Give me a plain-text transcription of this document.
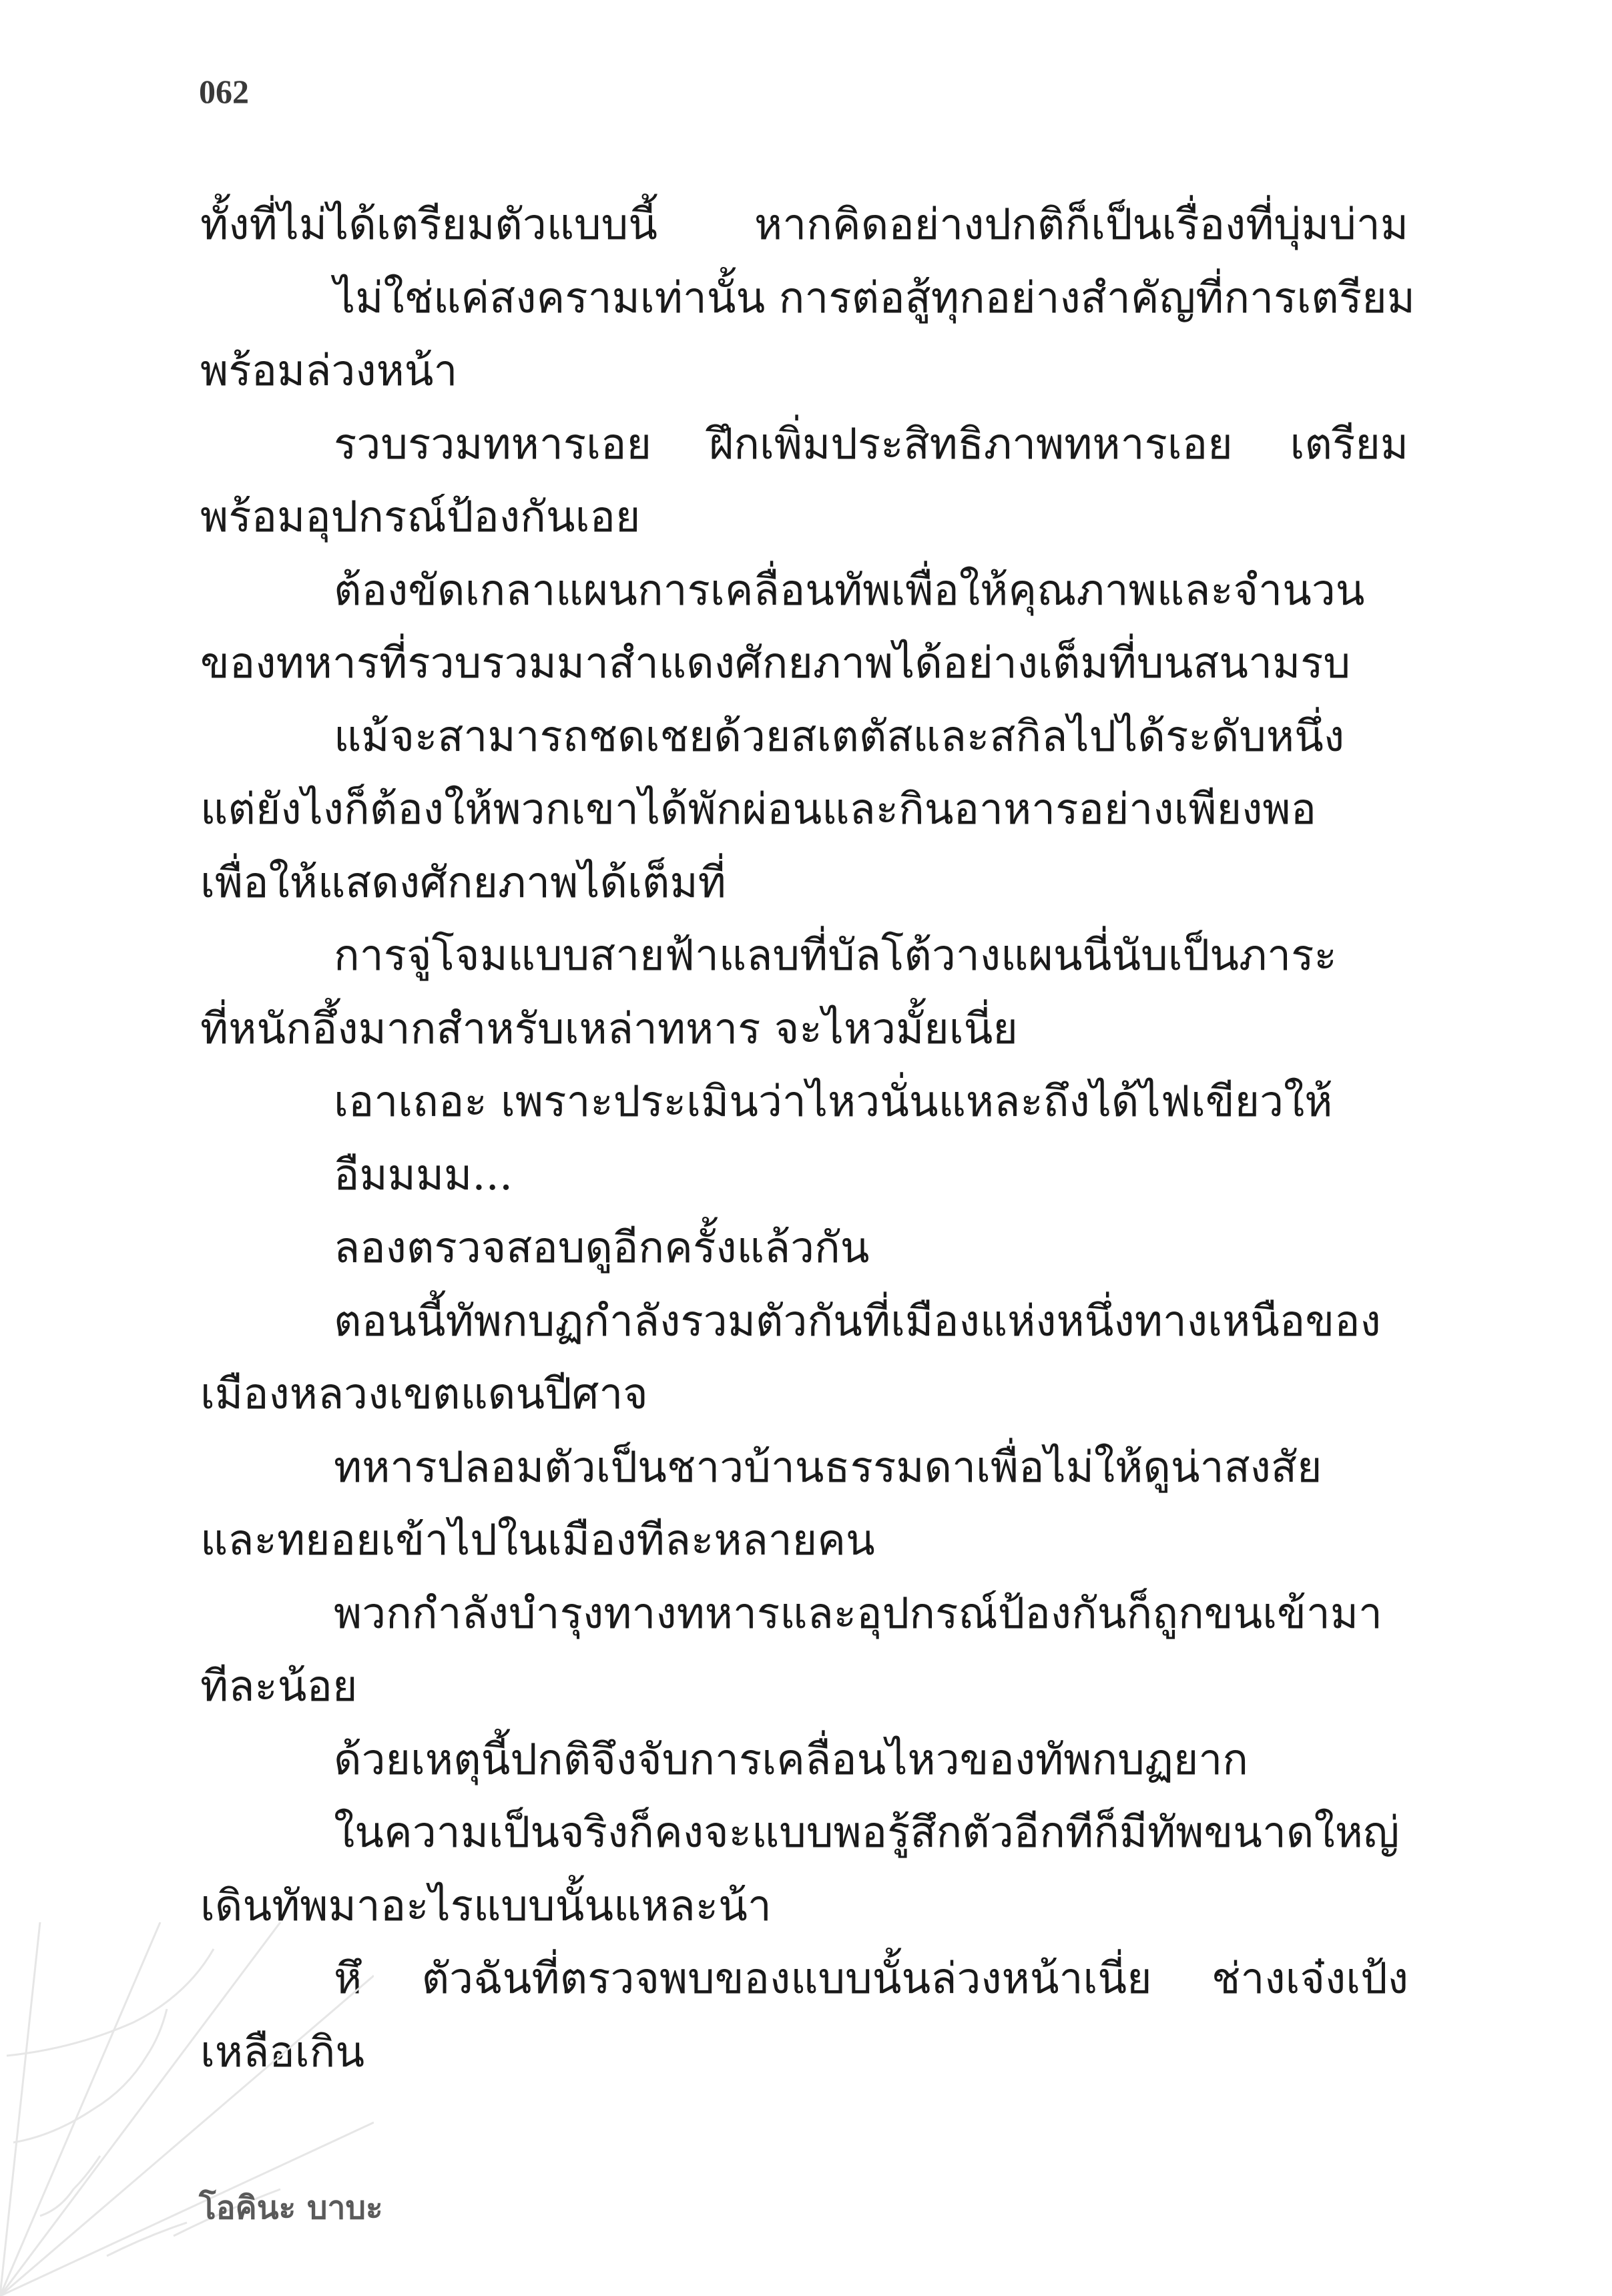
062
ทั้งที่ไม่ได้เตรียมตัวแบบนี้ หากคิดอย่างปกติก็เป็นเรื่องที่บุ่มบ่าม
ไม่ใช่แค่สงครามเท่านั้น การต่อสู้ทุกอย่างสำคัญที่การเตรียม
พร้อมล่วงหน้า
รวบรวมทหารเอย ฝึกเพิ่มประสิทธิภาพทหารเอย เตรียม
พร้อมอุปกรณ์ป้องกันเอย
ต้องขัดเกลาแผนการเคลื่อนทัพเพื่อให้คุณภาพและจำนวน
ของทหารที่รวบรวมมาสำแดงศักยภาพได้อย่างเต็มที่บนสนามรบ
แม้จะสามารถชดเชยด้วยสเตตัสและสกิลไปได้ระดับหนึ่ง
แต่ยังไงก็ต้องให้พวกเขาได้พักผ่อนและกินอาหารอย่างเพียงพอ
เพื่อให้แสดงศักยภาพได้เต็มที่
การจู่โจมแบบสายฟ้าแลบที่บัลโต้วางแผนนี่นับเป็นภาระ
ที่หนักอึ้งมากสำหรับเหล่าทหาร จะไหวมั้ยเนี่ย
เอาเถอะ เพราะประเมินว่าไหวนั่นแหละถึงได้ไฟเขียวให้
อืมมมม...
ลองตรวจสอบดูอีกครั้งแล้วกัน
ตอนนี้ทัพกบฏกำลังรวมตัวกันที่เมืองแห่งหนึ่งทางเหนือของ
เมืองหลวงเขตแดนปีศาจ
ทหารปลอมตัวเป็นชาวบ้านธรรมดาเพื่อไม่ให้ดูน่าสงสัย
และทยอยเข้าไปในเมืองทีละหลายคน
พวกกำลังบำรุงทางทหารและอุปกรณ์ป้องกันก็ถูกขนเข้ามา
ทีละน้อย
ด้วยเหตุนี้ปกติจึงจับการเคลื่อนไหวของทัพกบฏยาก
ในความเป็นจริงก็คงจะแบบพอรู้สึกตัวอีกทีก็มีทัพขนาดใหญ่
เดินทัพมาอะไรแบบนั้นแหละน้า
หึ ตัวฉันที่ตรวจพบของแบบนั้นล่วงหน้าเนี่ย ช่างเจ๋งเป้ง
เหลือเกิน
โอคินะ บาบะ
